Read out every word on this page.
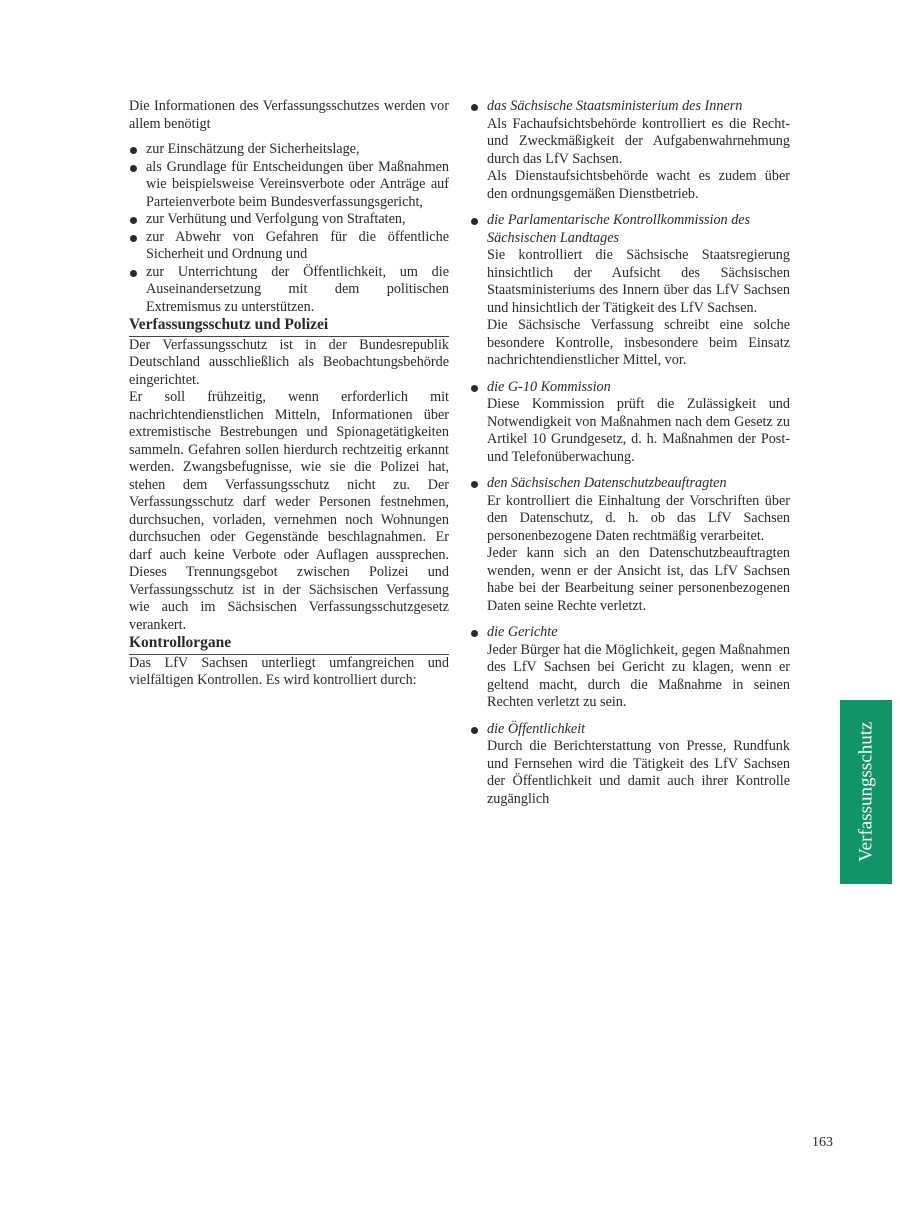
Die Informationen des Verfassungsschutzes werden vor allem benötigt

zur Einschätzung der Sicherheitslage,
als Grundlage für Entscheidungen über Maßnahmen wie beispielsweise Vereinsverbote oder Anträge auf Parteienverbote beim Bundesverfassungsgericht,
zur Verhütung und Verfolgung von Straftaten,
zur Abwehr von Gefahren für die öffentliche Sicherheit und Ordnung und
zur Unterrichtung der Öffentlichkeit, um die Auseinandersetzung mit dem politischen Extremismus zu unterstützen.
Verfassungsschutz und Polizei

Der Verfassungsschutz ist in der Bundesrepublik Deutschland ausschließlich als Beobachtungsbehörde eingerichtet.

Er soll frühzeitig, wenn erforderlich mit nachrichtendienstlichen Mitteln, Informationen über extremistische Bestrebungen und Spionagetätigkeiten sammeln. Gefahren sollen hierdurch rechtzeitig erkannt werden. Zwangsbefugnisse, wie sie die Polizei hat, stehen dem Verfassungsschutz nicht zu. Der Verfassungsschutz darf weder Personen festnehmen, durchsuchen, vorladen, vernehmen noch Wohnungen durchsuchen oder Gegenstände beschlagnahmen. Er darf auch keine Verbote oder Auflagen aussprechen. Dieses Trennungsgebot zwischen Polizei und Verfassungsschutz ist in der Sächsischen Verfassung wie auch im Sächsischen Verfassungsschutzgesetz verankert.

Kontrollorgane

Das LfV Sachsen unterliegt umfangreichen und vielfältigen Kontrollen. Es wird kontrolliert durch:

das Sächsische Staatsministerium des Innern

Als Fachaufsichtsbehörde kontrolliert es die Recht- und Zweckmäßigkeit der Aufgabenwahrnehmung durch das LfV Sachsen.

Als Dienstaufsichtsbehörde wacht es zudem über den ordnungsgemäßen Dienstbetrieb.

die Parlamentarische Kontrollkommission des Sächsischen Landtages

Sie kontrolliert die Sächsische Staatsregierung hinsichtlich der Aufsicht des Sächsischen Staatsministeriums des Innern über das LfV Sachsen und hinsichtlich der Tätigkeit des LfV Sachsen.

Die Sächsische Verfassung schreibt eine solche besondere Kontrolle, insbesondere beim Einsatz nachrichtendienstlicher Mittel, vor.

die G-10 Kommission

Diese Kommission prüft die Zulässigkeit und Notwendigkeit von Maßnahmen nach dem Gesetz zu Artikel 10 Grundgesetz, d. h. Maßnahmen der Post- und Telefonüberwachung.

den Sächsischen Datenschutzbeauftragten

Er kontrolliert die Einhaltung der Vorschriften über den Datenschutz, d. h. ob das LfV Sachsen personenbezogene Daten rechtmäßig verarbeitet.

Jeder kann sich an den Datenschutzbeauftragten wenden, wenn er der Ansicht ist, das LfV Sachsen habe bei der Bearbeitung seiner personenbezogenen Daten seine Rechte verletzt.

die Gerichte

Jeder Bürger hat die Möglichkeit, gegen Maßnahmen des LfV Sachsen bei Gericht zu klagen, wenn er geltend macht, durch die Maßnahme in seinen Rechten verletzt zu sein.

die Öffentlichkeit

Durch die Berichterstattung von Presse, Rundfunk und Fernsehen wird die Tätigkeit des LfV Sachsen der Öffentlichkeit und damit auch ihrer Kontrolle zugänglich	Verfassungsschutz
163
